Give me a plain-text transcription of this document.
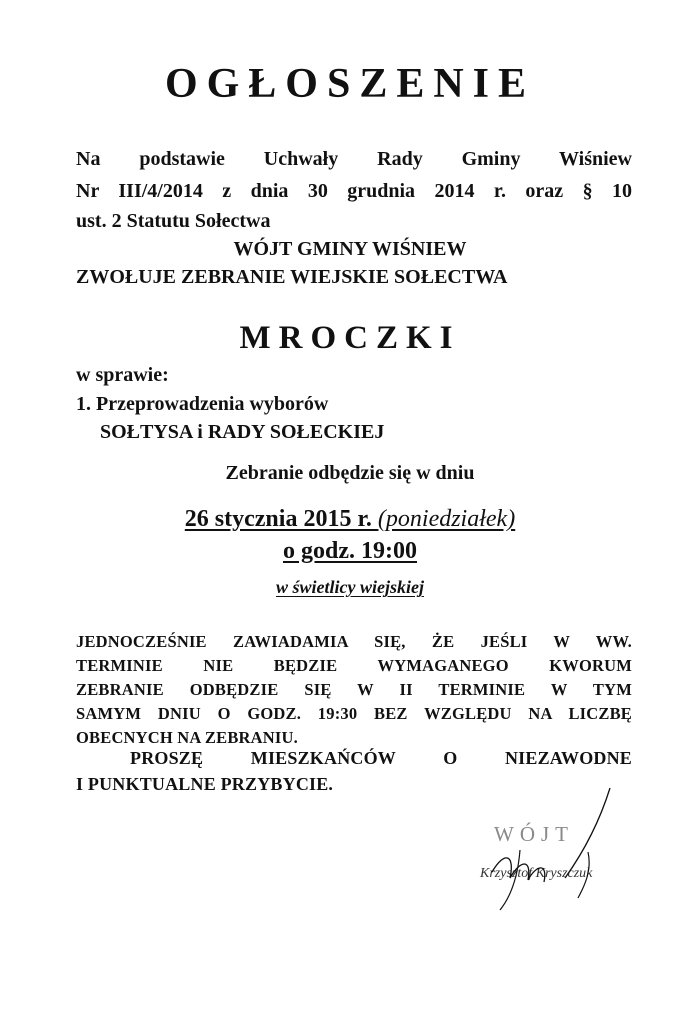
OGŁOSZENIE
Na podstawie Uchwały Rady Gminy Wiśniew
Nr III/4/2014 z dnia 30 grudnia 2014 r. oraz § 10
ust. 2 Statutu Sołectwa
WÓJT GMINY WIŚNIEW
ZWOŁUJE ZEBRANIE WIEJSKIE SOŁECTWA
MROCZKI
w sprawie:
1. Przeprowadzenia wyborów
SOŁTYSA i RADY SOŁECKIEJ
Zebranie odbędzie się w dniu
26 stycznia 2015 r. (poniedziałek)
o godz. 19:00
w świetlicy wiejskiej
JEDNOCZEŚNIE ZAWIADAMIA SIĘ, ŻE JEŚLI W WW.
TERMINIE NIE BĘDZIE WYMAGANEGO KWORUM
ZEBRANIE ODBĘDZIE SIĘ W II TERMINIE W TYM
SAMYM DNIU O GODZ. 19:30 BEZ WZGLĘDU NA LICZBĘ
OBECNYCH NA ZEBRANIU.
PROSZĘ MIESZKAŃCÓW O NIEZAWODNE
I PUNKTUALNE PRZYBYCIE.
WÓJT
Krzysztof Kryszczuk
